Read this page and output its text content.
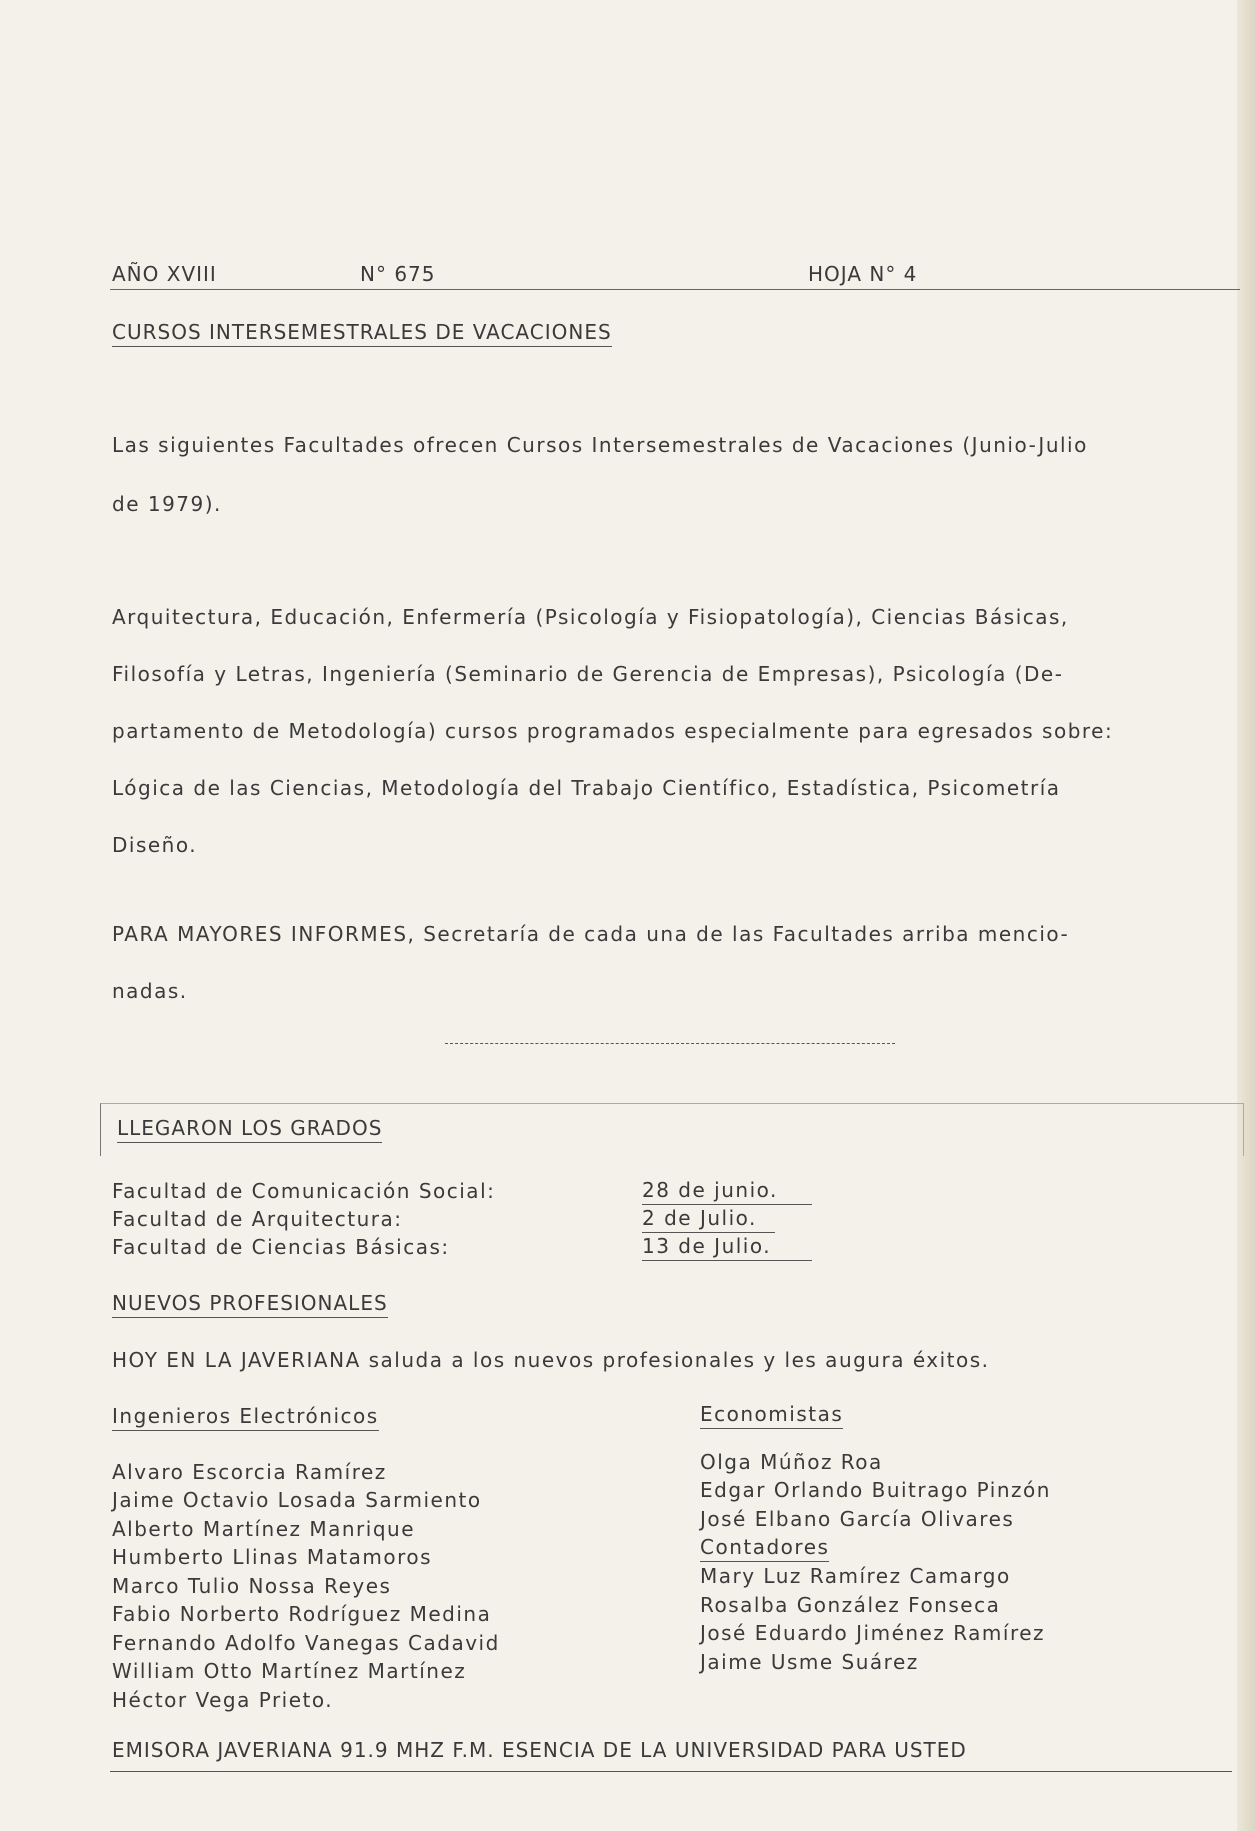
AÑO XVIII	N° 675	HOJA N° 4
CURSOS INTERSEMESTRALES DE VACACIONES
Las siguientes Facultades ofrecen Cursos Intersemestrales de Vacaciones (Junio-Julio
de 1979).
Arquitectura, Educación, Enfermería (Psicología y Fisiopatología), Ciencias Básicas,
Filosofía y Letras, Ingeniería (Seminario de Gerencia de Empresas), Psicología (De-
partamento de Metodología) cursos programados especialmente para egresados sobre:
Lógica de las Ciencias, Metodología del Trabajo Científico, Estadística, Psicometría
Diseño.
PARA MAYORES INFORMES, Secretaría de cada una de las Facultades arriba mencio-
nadas.
LLEGARON LOS GRADOS
Facultad de Comunicación Social:
Facultad de Arquitectura:
Facultad de Ciencias Básicas:
28 de junio.
2 de Julio.
13 de Julio.
NUEVOS PROFESIONALES
HOY EN LA JAVERIANA saluda a los nuevos profesionales y les augura éxitos.
Ingenieros Electrónicos
Alvaro Escorcia Ramírez
Jaime Octavio Losada Sarmiento
Alberto Martínez Manrique
Humberto Llinas Matamoros
Marco Tulio Nossa Reyes
Fabio Norberto Rodríguez Medina
Fernando Adolfo Vanegas Cadavid
William Otto Martínez Martínez
Héctor Vega Prieto.
Economistas
Olga Múñoz Roa
Edgar Orlando Buitrago Pinzón
José Elbano García Olivares
Contadores
Mary Luz Ramírez Camargo
Rosalba González Fonseca
José Eduardo Jiménez Ramírez
Jaime Usme Suárez
EMISORA JAVERIANA 91.9 MHZ F.M. ESENCIA DE LA UNIVERSIDAD PARA USTED
